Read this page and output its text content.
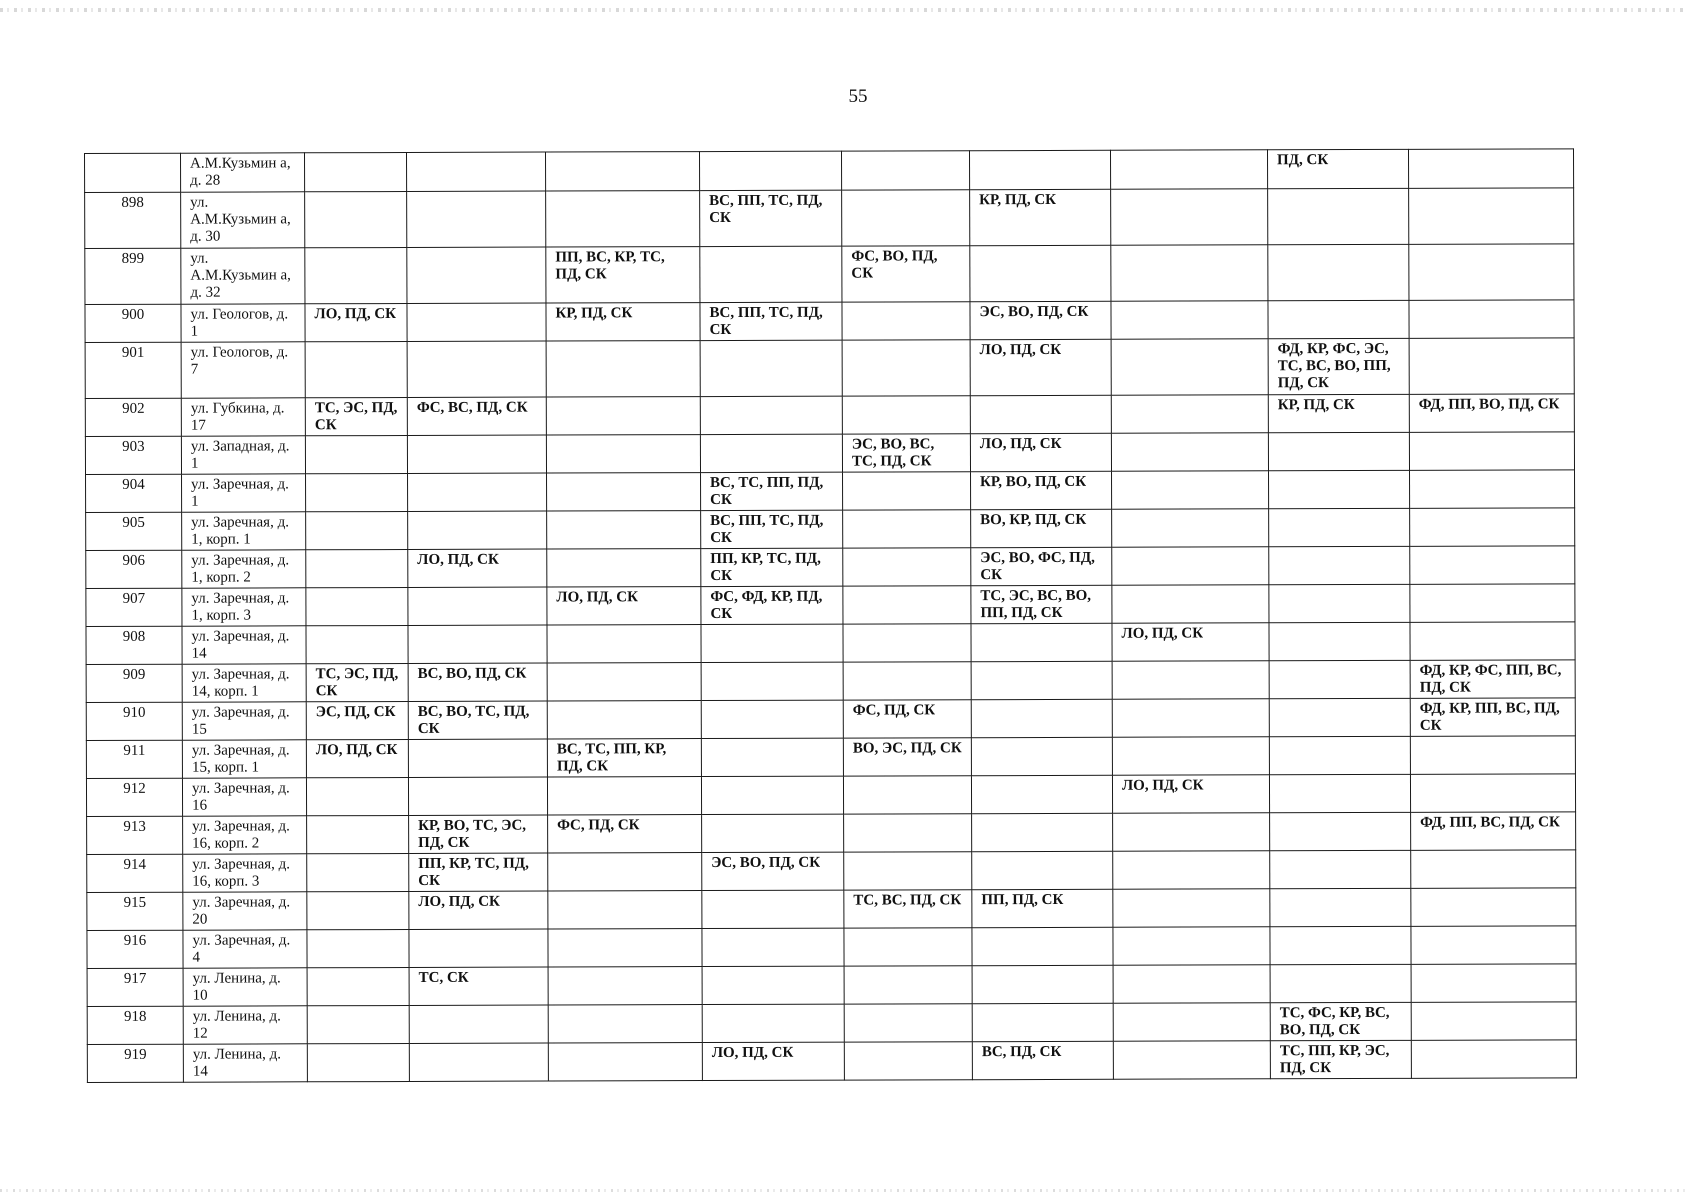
55
	А.М.Кузьмин а, д. 28								ПД, СК	
898	ул. А.М.Кузьмин а, д. 30				ВС, ПП, ТС, ПД, СК		КР, ПД, СК			
899	ул. А.М.Кузьмин а, д. 32			ПП, ВС, КР, ТС, ПД, СК		ФС, ВО, ПД, СК				
900	ул. Геологов, д. 1	ЛО, ПД, СК		КР, ПД, СК	ВС, ПП, ТС, ПД, СК		ЭС, ВО, ПД, СК			
901	ул. Геологов, д. 7						ЛО, ПД, СК		ФД, КР, ФС, ЭС, ТС, ВС, ВО, ПП, ПД, СК	
902	ул. Губкина, д. 17	ТС, ЭС, ПД, СК	ФС, ВС, ПД, СК						КР, ПД, СК	ФД, ПП, ВО, ПД, СК
903	ул. Западная, д. 1					ЭС, ВО, ВС, ТС, ПД, СК	ЛО, ПД, СК			
904	ул. Заречная, д. 1				ВС, ТС, ПП, ПД, СК		КР, ВО, ПД, СК			
905	ул. Заречная, д. 1, корп. 1				ВС, ПП, ТС, ПД, СК		ВО, КР, ПД, СК			
906	ул. Заречная, д. 1, корп. 2		ЛО, ПД, СК		ПП, КР, ТС, ПД, СК		ЭС, ВО, ФС, ПД, СК			
907	ул. Заречная, д. 1, корп. 3			ЛО, ПД, СК	ФС, ФД, КР, ПД, СК		ТС, ЭС, ВС, ВО, ПП, ПД, СК			
908	ул. Заречная, д. 14							ЛО, ПД, СК		
909	ул. Заречная, д. 14, корп. 1	ТС, ЭС, ПД, СК	ВС, ВО, ПД, СК							ФД, КР, ФС, ПП, ВС, ПД, СК
910	ул. Заречная, д. 15	ЭС, ПД, СК	ВС, ВО, ТС, ПД, СК			ФС, ПД, СК				ФД, КР, ПП, ВС, ПД, СК
911	ул. Заречная, д. 15, корп. 1	ЛО, ПД, СК		ВС, ТС, ПП, КР, ПД, СК		ВО, ЭС, ПД, СК				
912	ул. Заречная, д. 16							ЛО, ПД, СК		
913	ул. Заречная, д. 16, корп. 2		КР, ВО, ТС, ЭС, ПД, СК	ФС, ПД, СК						ФД, ПП, ВС, ПД, СК
914	ул. Заречная, д. 16, корп. 3		ПП, КР, ТС, ПД, СК		ЭС, ВО, ПД, СК					
915	ул. Заречная, д. 20		ЛО, ПД, СК			ТС, ВС, ПД, СК	ПП, ПД, СК			
916	ул. Заречная, д. 4									
917	ул. Ленина, д. 10		ТС, СК							
918	ул. Ленина, д. 12								ТС, ФС, КР, ВС, ВО, ПД, СК	
919	ул. Ленина, д. 14				ЛО, ПД, СК		ВС, ПД, СК		ТС, ПП, КР, ЭС, ПД, СК	
